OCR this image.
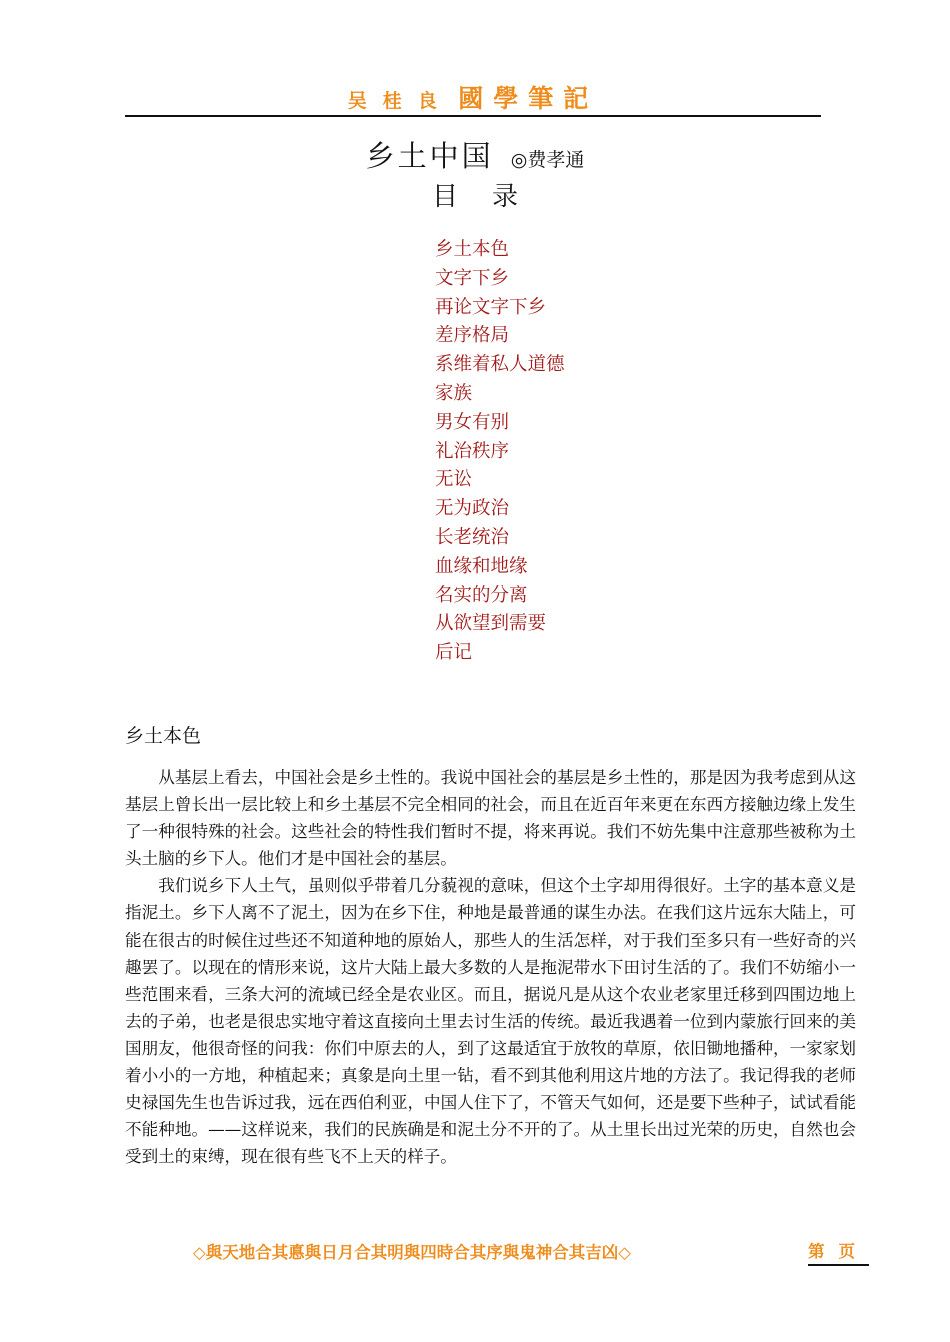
吴桂良 國學筆記
乡土中国 ◎费孝通
目录
乡土本色
文字下乡
再论文字下乡
差序格局
系维着私人道德
家族
男女有别
礼治秩序
无讼
无为政治
长老统治
血缘和地缘
名实的分离
从欲望到需要
后记
乡土本色

从基层上看去，中国社会是乡土性的。我说中国社会的基层是乡土性的，那是因为我考虑到从这基层上曾长出一层比较上和乡土基层不完全相同的社会，而且在近百年来更在东西方接触边缘上发生了一种很特殊的社会。这些社会的特性我们暂时不提，将来再说。我们不妨先集中注意那些被称为土头土脑的乡下人。他们才是中国社会的基层。

我们说乡下人土气，虽则似乎带着几分藐视的意味，但这个土字却用得很好。土字的基本意义是指泥土。乡下人离不了泥土，因为在乡下住，种地是最普通的谋生办法。在我们这片远东大陆上，可能在很古的时候住过些还不知道种地的原始人，那些人的生活怎样，对于我们至多只有一些好奇的兴趣罢了。以现在的情形来说，这片大陆上最大多数的人是拖泥带水下田讨生活的了。我们不妨缩小一些范围来看，三条大河的流域已经全是农业区。而且，据说凡是从这个农业老家里迁移到四围边地上去的子弟，也老是很忠实地守着这直接向土里去讨生活的传统。最近我遇着一位到内蒙旅行回来的美国朋友，他很奇怪的问我：你们中原去的人，到了这最适宜于放牧的草原，依旧锄地播种，一家家划着小小的一方地，种植起来；真象是向土里一钻，看不到其他利用这片地的方法了。我记得我的老师史禄国先生也告诉过我，远在西伯利亚，中国人住下了，不管天气如何，还是要下些种子，试试看能不能种地。——这样说来，我们的民族确是和泥土分不开的了。从土里长出过光荣的历史，自然也会受到土的束缚，现在很有些飞不上天的样子。

◇與天地合其悳與日月合其明與四時合其序與鬼神合其吉凶◇	第页
